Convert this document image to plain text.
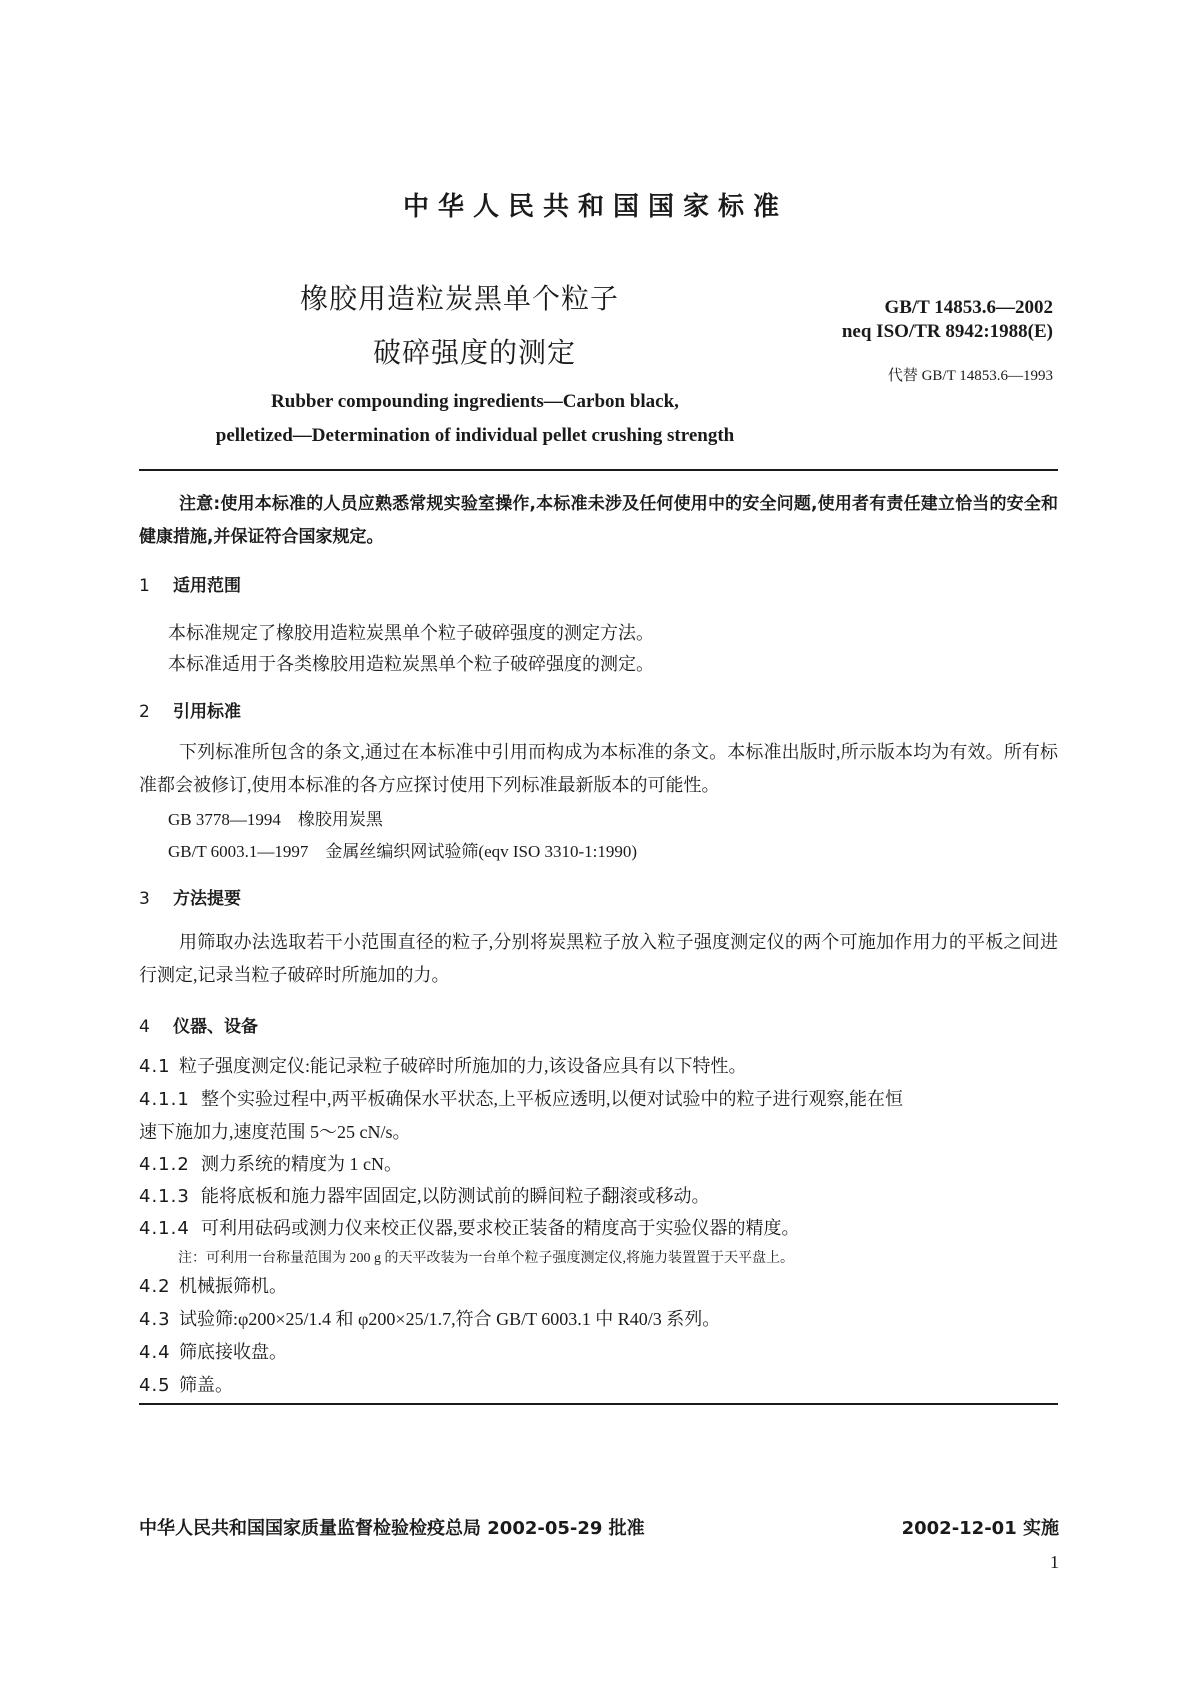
中华人民共和国国家标准
橡胶用造粒炭黑单个粒子
破碎强度的测定
GB/T 14853.6—2002
neq ISO/TR 8942:1988(E)
代替 GB/T 14853.6—1993
Rubber compounding ingredients—Carbon black,
pelletized—Determination of individual pellet crushing strength
注意:使用本标准的人员应熟悉常规实验室操作,本标准未涉及任何使用中的安全问题,使用者有责任建立恰当的安全和健康措施,并保证符合国家规定。
1 适用范围
本标准规定了橡胶用造粒炭黑单个粒子破碎强度的测定方法。
本标准适用于各类橡胶用造粒炭黑单个粒子破碎强度的测定。
2 引用标准
下列标准所包含的条文,通过在本标准中引用而构成为本标准的条文。本标准出版时,所示版本均为有效。所有标准都会被修订,使用本标准的各方应探讨使用下列标准最新版本的可能性。
GB 3778—1994　橡胶用炭黑
GB/T 6003.1—1997　金属丝编织网试验筛(eqv ISO 3310-1:1990)
3 方法提要
用筛取办法选取若干小范围直径的粒子,分别将炭黑粒子放入粒子强度测定仪的两个可施加作用力的平板之间进行测定,记录当粒子破碎时所施加的力。
4 仪器、设备
4.1 粒子强度测定仪:能记录粒子破碎时所施加的力,该设备应具有以下特性。
4.1.1 整个实验过程中,两平板确保水平状态,上平板应透明,以便对试验中的粒子进行观察,能在恒
速下施加力,速度范围 5～25 cN/s。
4.1.2 测力系统的精度为 1 cN。
4.1.3 能将底板和施力器牢固固定,以防测试前的瞬间粒子翻滚或移动。
4.1.4 可利用砝码或测力仪来校正仪器,要求校正装备的精度高于实验仪器的精度。
注：可利用一台称量范围为 200 g 的天平改装为一台单个粒子强度测定仪,将施力装置置于天平盘上。
4.2 机械振筛机。
4.3 试验筛:φ200×25/1.4 和 φ200×25/1.7,符合 GB/T 6003.1 中 R40/3 系列。
4.4 筛底接收盘。
4.5 筛盖。
中华人民共和国国家质量监督检验检疫总局 2002-05-29 批准	2002-12-01 实施
1
